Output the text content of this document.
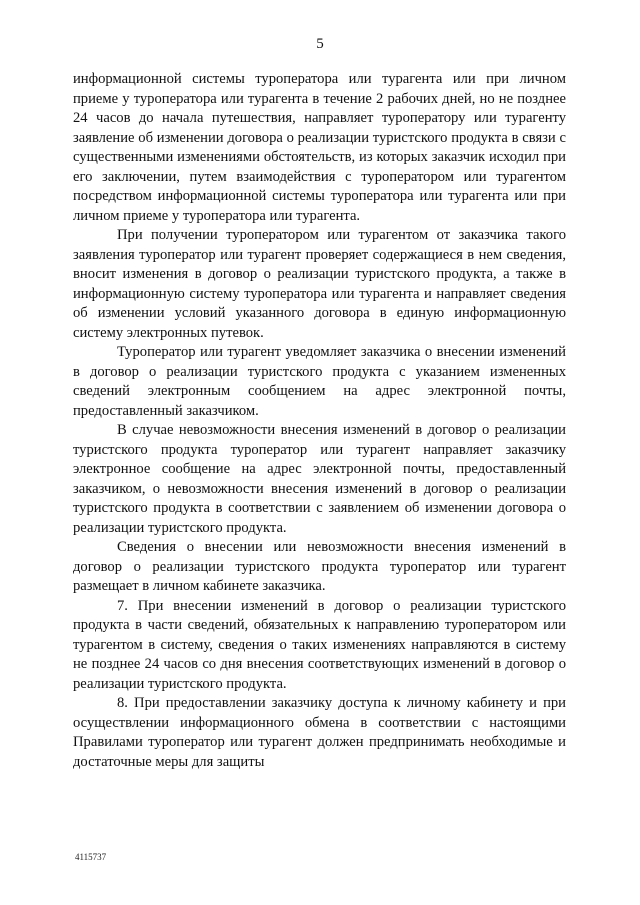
5

информационной системы туроператора или турагента или при личном приеме у туроператора или турагента в течение 2 рабочих дней, но не позднее 24 часов до начала путешествия, направляет туроператору или турагенту заявление об изменении договора о реализации туристского продукта в связи с существенными изменениями обстоятельств, из которых заказчик исходил при его заключении, путем взаимодействия с туроператором или турагентом посредством информационной системы туроператора или турагента или при личном приеме у туроператора или турагента.

При получении туроператором или турагентом от заказчика такого заявления туроператор или турагент проверяет содержащиеся в нем сведения, вносит изменения в договор о реализации туристского продукта, а также в информационную систему туроператора или турагента и направляет сведения об изменении условий указанного договора в единую информационную систему электронных путевок.

Туроператор или турагент уведомляет заказчика о внесении изменений в договор о реализации туристского продукта с указанием измененных сведений электронным сообщением на адрес электронной почты, предоставленный заказчиком.

В случае невозможности внесения изменений в договор о реализации туристского продукта туроператор или турагент направляет заказчику электронное сообщение на адрес электронной почты, предоставленный заказчиком, о невозможности внесения изменений в договор о реализации туристского продукта в соответствии с заявлением об изменении договора о реализации туристского продукта.

Сведения о внесении или невозможности внесения изменений в договор о реализации туристского продукта туроператор или турагент размещает в личном кабинете заказчика.

7. При внесении изменений в договор о реализации туристского продукта в части сведений, обязательных к направлению туроператором или турагентом в систему, сведения о таких изменениях направляются в систему не позднее 24 часов со дня внесения соответствующих изменений в договор о реализации туристского продукта.

8. При предоставлении заказчику доступа к личному кабинету и при осуществлении информационного обмена в соответствии с настоящими Правилами туроператор или турагент должен предпринимать необходимые и достаточные меры для защиты

4115737
